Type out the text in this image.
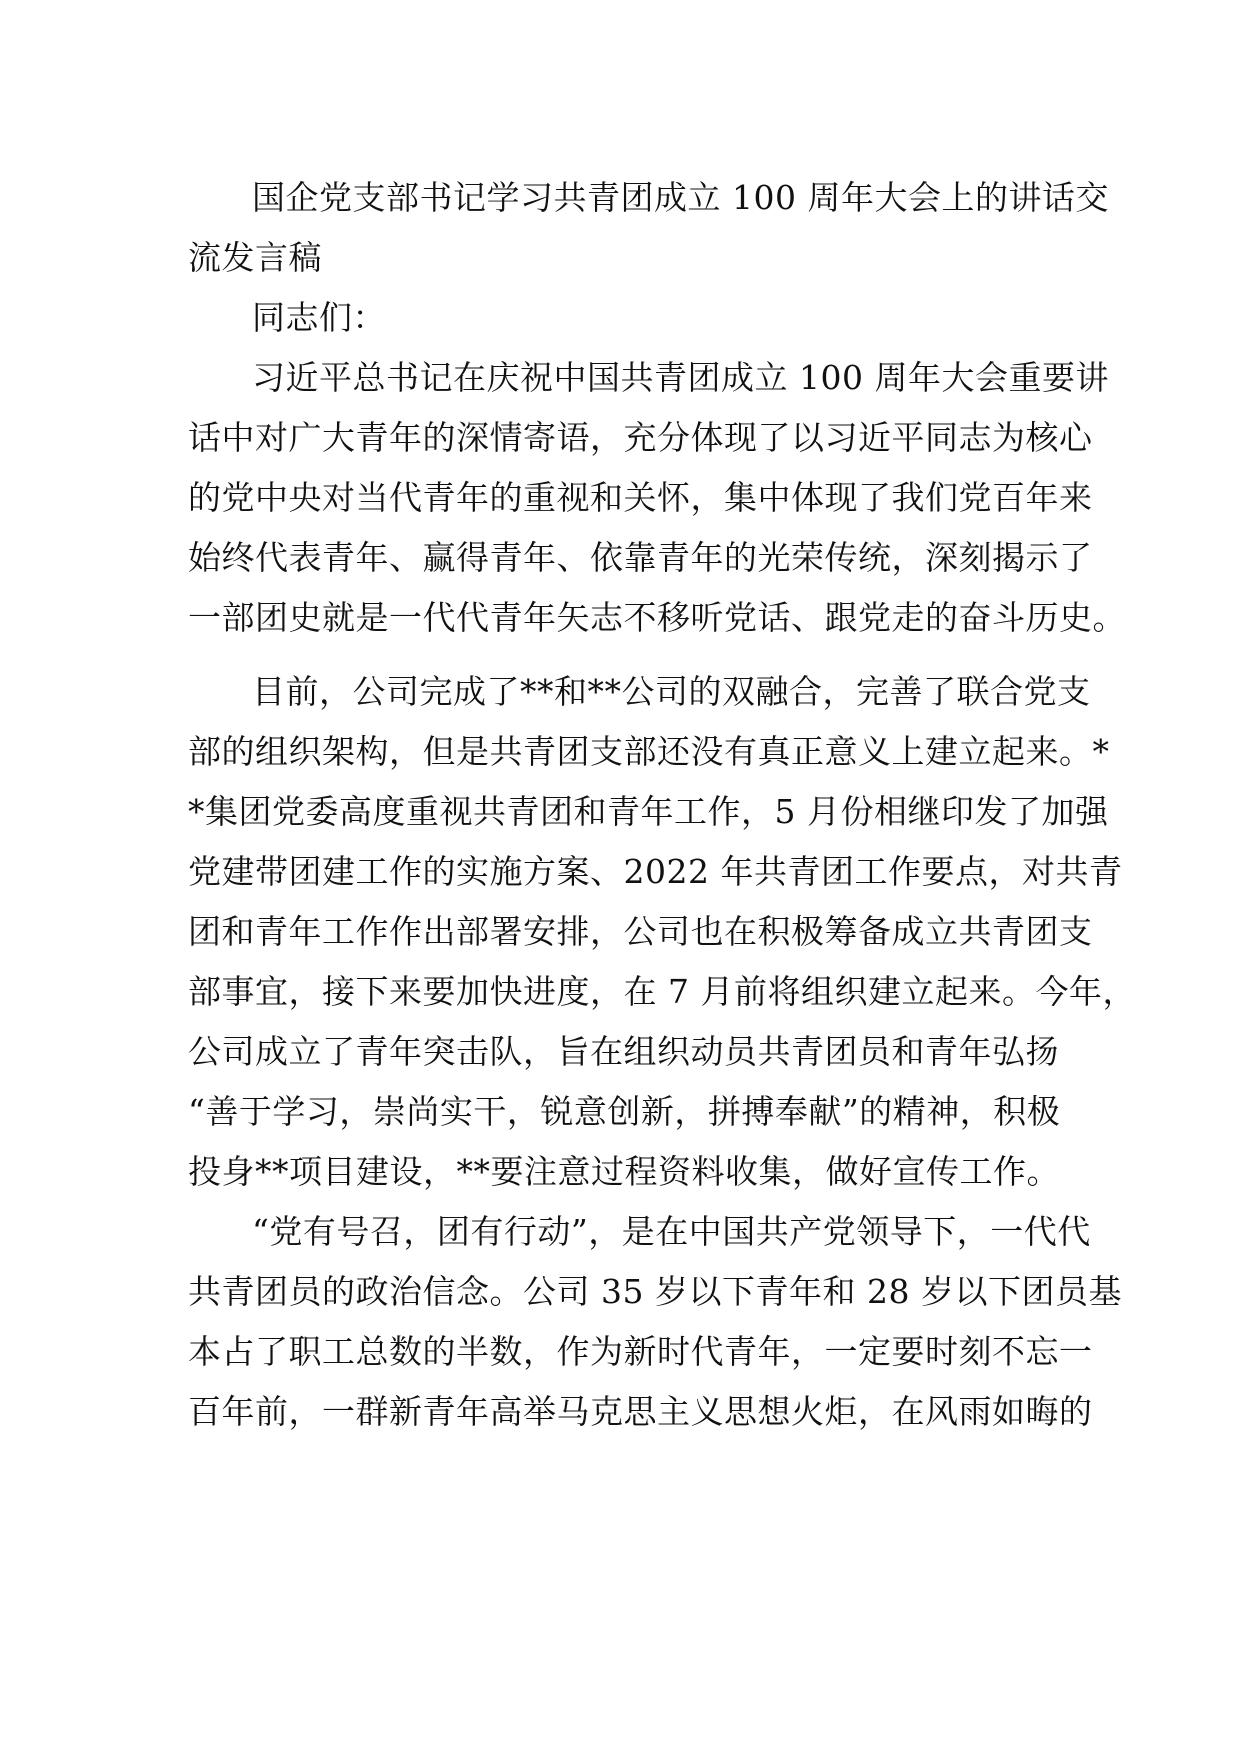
国企党支部书记学习共青团成立 100 周年大会上的讲话交
流发言稿
同志们：
习近平总书记在庆祝中国共青团成立 100 周年大会重要讲
话中对广大青年的深情寄语，充分体现了以习近平同志为核心
的党中央对当代青年的重视和关怀，集中体现了我们党百年来
始终代表青年、赢得青年、依靠青年的光荣传统，深刻揭示了
一部团史就是一代代青年矢志不移听党话、跟党走的奋斗历史。
目前，公司完成了**和**公司的双融合，完善了联合党支
部的组织架构，但是共青团支部还没有真正意义上建立起来。*
*集团党委高度重视共青团和青年工作，5 月份相继印发了加强
党建带团建工作的实施方案、2022 年共青团工作要点，对共青
团和青年工作作出部署安排，公司也在积极筹备成立共青团支
部事宜，接下来要加快进度，在 7 月前将组织建立起来。今年，
公司成立了青年突击队，旨在组织动员共青团员和青年弘扬
“善于学习，崇尚实干，锐意创新，拼搏奉献”的精神，积极
投身**项目建设，**要注意过程资料收集，做好宣传工作。
“党有号召，团有行动”，是在中国共产党领导下，一代代
共青团员的政治信念。公司 35 岁以下青年和 28 岁以下团员基
本占了职工总数的半数，作为新时代青年，一定要时刻不忘一
百年前，一群新青年高举马克思主义思想火炬，在风雨如晦的
